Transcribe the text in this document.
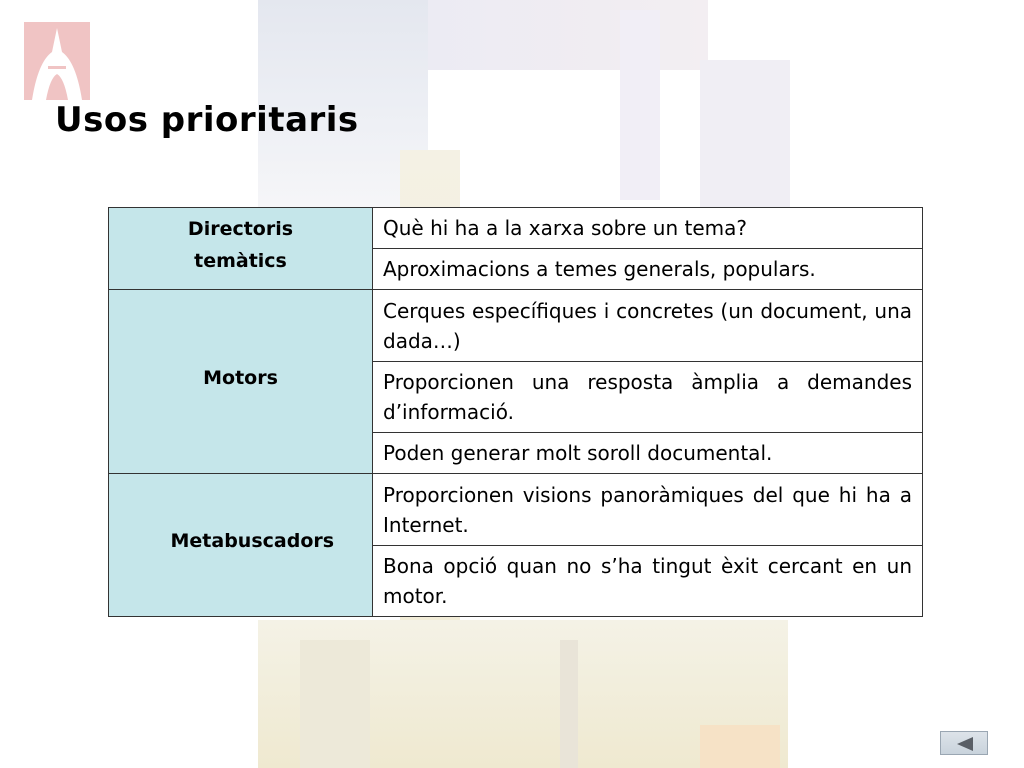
Usos prioritaris
Directoris temàtics	Què hi ha a la xarxa sobre un tema?
	Aproximacions a temes generals, populars.
Motors	Cerques específiques i concretes (un document, una dada…)
	Proporcionen una resposta àmplia a demandes d’informació.
	Poden generar molt soroll documental.
Metabuscadors	Proporcionen visions panoràmiques del que hi ha a Internet.
	Bona opció quan no s’ha tingut èxit cercant en un motor.
